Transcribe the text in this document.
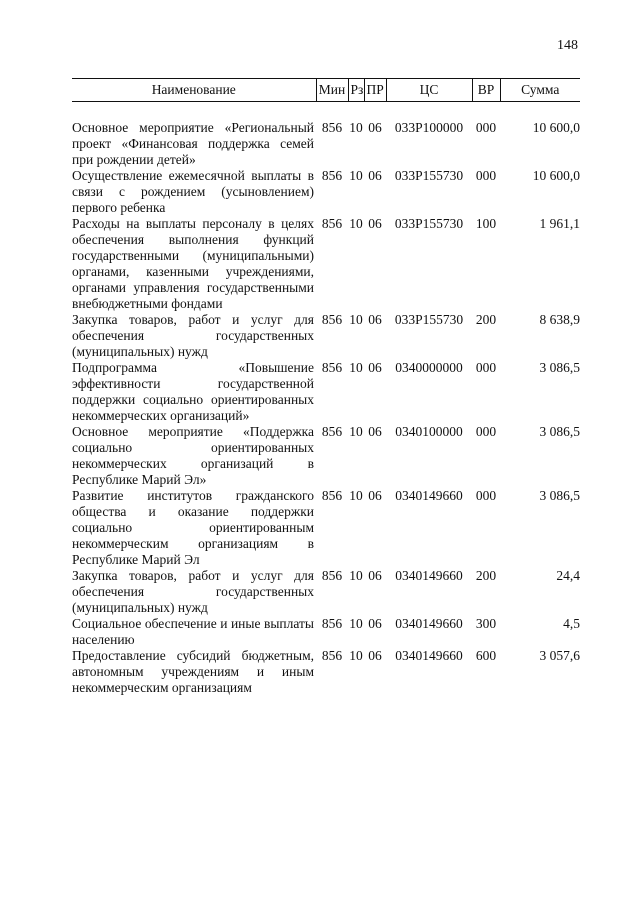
148
Наименование	Мин	Рз	ПР	ЦС	ВР	Сумма

Основное мероприятие «Региональный проект «Финансовая поддержка семей при рождении детей»	856	10	06	033P100000	000	10 600,0
Осуществление ежемесячной выплаты в связи с рождением (усыновлением) первого ребенка	856	10	06	033P155730	000	10 600,0
Расходы на выплаты персоналу в целях обеспечения выполнения функций государственными (муниципальными) органами, казенными учреждениями, органами управления государственными внебюджетными фондами	856	10	06	033P155730	100	1 961,1
Закупка товаров, работ и услуг для обеспечения государственных (муниципальных) нужд	856	10	06	033P155730	200	8 638,9
Подпрограмма «Повышение эффективности государственной поддержки социально ориентированных некоммерческих организаций»	856	10	06	0340000000	000	3 086,5
Основное мероприятие «Поддержка социально ориентированных некоммерческих организаций в Республике Марий Эл»	856	10	06	0340100000	000	3 086,5
Развитие институтов гражданского общества и оказание поддержки социально ориентированным некоммерческим организациям в Республике Марий Эл	856	10	06	0340149660	000	3 086,5
Закупка товаров, работ и услуг для обеспечения государственных (муниципальных) нужд	856	10	06	0340149660	200	24,4
Социальное обеспечение и иные выплаты населению	856	10	06	0340149660	300	4,5
Предоставление субсидий бюджетным, автономным учреждениям и иным некоммерческим организациям	856	10	06	0340149660	600	3 057,6
